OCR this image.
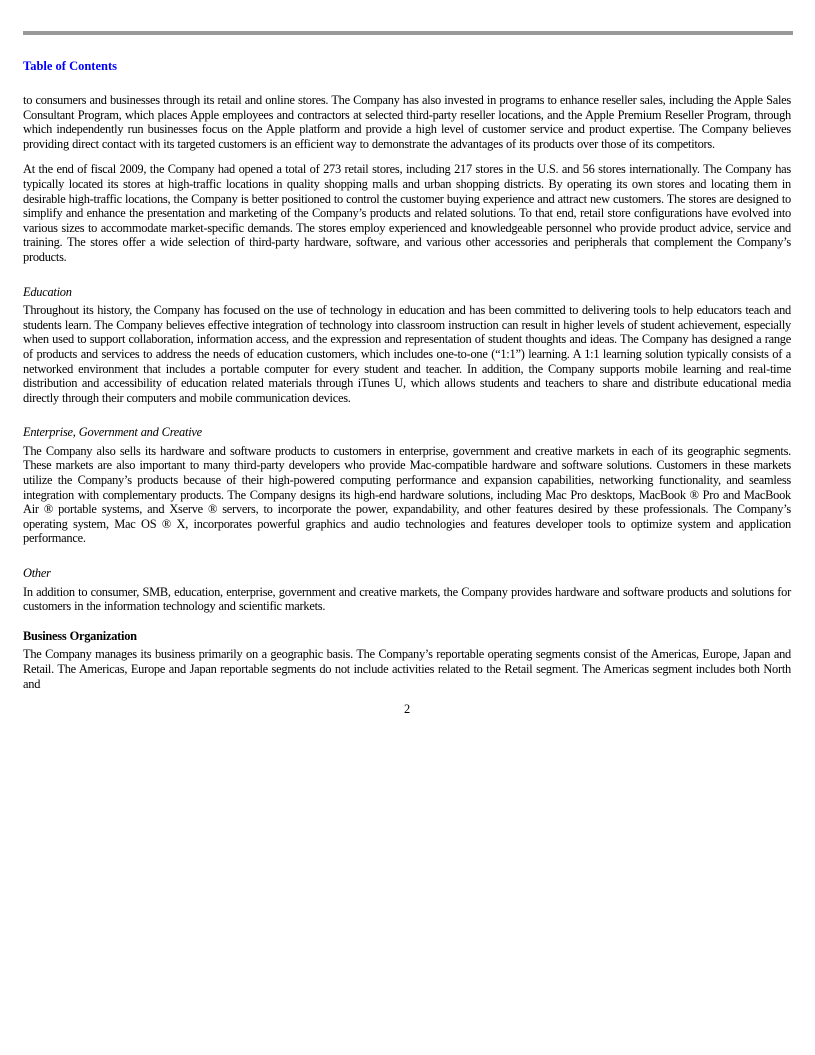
Table of Contents

to consumers and businesses through its retail and online stores. The Company has also invested in programs to enhance reseller sales, including the Apple Sales Consultant Program, which places Apple employees and contractors at selected third-party reseller locations, and the Apple Premium Reseller Program, through which independently run businesses focus on the Apple platform and provide a high level of customer service and product expertise. The Company believes providing direct contact with its targeted customers is an efficient way to demonstrate the advantages of its products over those of its competitors.

At the end of fiscal 2009, the Company had opened a total of 273 retail stores, including 217 stores in the U.S. and 56 stores internationally. The Company has typically located its stores at high-traffic locations in quality shopping malls and urban shopping districts. By operating its own stores and locating them in desirable high-traffic locations, the Company is better positioned to control the customer buying experience and attract new customers. The stores are designed to simplify and enhance the presentation and marketing of the Company’s products and related solutions. To that end, retail store configurations have evolved into various sizes to accommodate market-specific demands. The stores employ experienced and knowledgeable personnel who provide product advice, service and training. The stores offer a wide selection of third-party hardware, software, and various other accessories and peripherals that complement the Company’s products.

Education

Throughout its history, the Company has focused on the use of technology in education and has been committed to delivering tools to help educators teach and students learn. The Company believes effective integration of technology into classroom instruction can result in higher levels of student achievement, especially when used to support collaboration, information access, and the expression and representation of student thoughts and ideas. The Company has designed a range of products and services to address the needs of education customers, which includes one-to-one (“1:1”) learning. A 1:1 learning solution typically consists of a networked environment that includes a portable computer for every student and teacher. In addition, the Company supports mobile learning and real-time distribution and accessibility of education related materials through iTunes U, which allows students and teachers to share and distribute educational media directly through their computers and mobile communication devices.

Enterprise, Government and Creative

The Company also sells its hardware and software products to customers in enterprise, government and creative markets in each of its geographic segments. These markets are also important to many third-party developers who provide Mac-compatible hardware and software solutions. Customers in these markets utilize the Company’s products because of their high-powered computing performance and expansion capabilities, networking functionality, and seamless integration with complementary products. The Company designs its high-end hardware solutions, including Mac Pro desktops, MacBook ® Pro and MacBook Air ® portable systems, and Xserve ® servers, to incorporate the power, expandability, and other features desired by these professionals. The Company’s operating system, Mac OS ® X, incorporates powerful graphics and audio technologies and features developer tools to optimize system and application performance.

Other

In addition to consumer, SMB, education, enterprise, government and creative markets, the Company provides hardware and software products and solutions for customers in the information technology and scientific markets.

Business Organization

The Company manages its business primarily on a geographic basis. The Company’s reportable operating segments consist of the Americas, Europe, Japan and Retail. The Americas, Europe and Japan reportable segments do not include activities related to the Retail segment. The Americas segment includes both North and

2
